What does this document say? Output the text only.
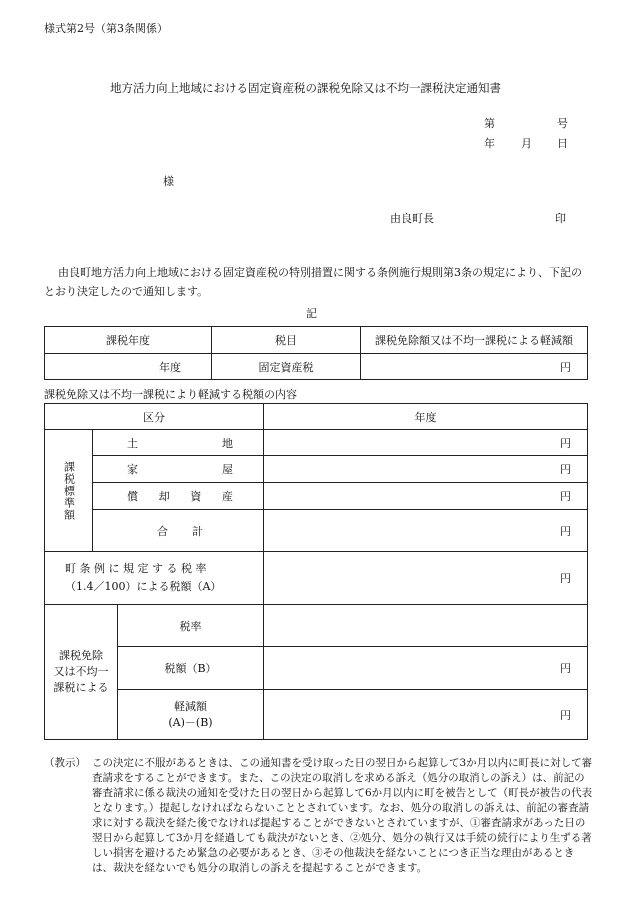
様式第2号（第3条関係）
地方活力向上地域における固定資産税の課税免除又は不均一課税決定通知書
第	号
年 月 日
様
由良町長	印
由良町地方活力向上地域における固定資産税の特別措置に関する条例施行規則第3条の規定により、下記のとおり決定したので通知します。
記
課税年度	税目	課税免除額又は不均一課税による軽減額
年度	固定資産税	円
課税免除又は不均一課税により軽減する税額の内容
区分			年度

課税標準額	土 地		円

	家 屋		円

	償 却 資 産		円

	合 計		円

町条例に規定する税率
（1.4／100）による税額（A）			円

課税免除
又は不均一
課税による		税率	
		税額（B）	円

		軽減額
(A)－(B)	円
（教示） この決定に不服があるときは、この通知書を受け取った日の翌日から起算して3か月以内に町長に対して審査請求をすることができます。また、この決定の取消しを求める訴え（処分の取消しの訴え）は、前記の審査請求に係る裁決の通知を受けた日の翌日から起算して6か月以内に町を被告として（町長が被告の代表となります。）提起しなければならないこととされています。なお、処分の取消しの訴えは、前記の審査請求に対する裁決を経た後でなければ提起することができないとされていますが、①審査請求があった日の翌日から起算して3か月を経過しても裁決がないとき、②処分、処分の執行又は手続の続行により生ずる著しい損害を避けるため緊急の必要があるとき、③その他裁決を経ないことにつき正当な理由があるときは、裁決を経ないでも処分の取消しの訴えを提起することができます。
